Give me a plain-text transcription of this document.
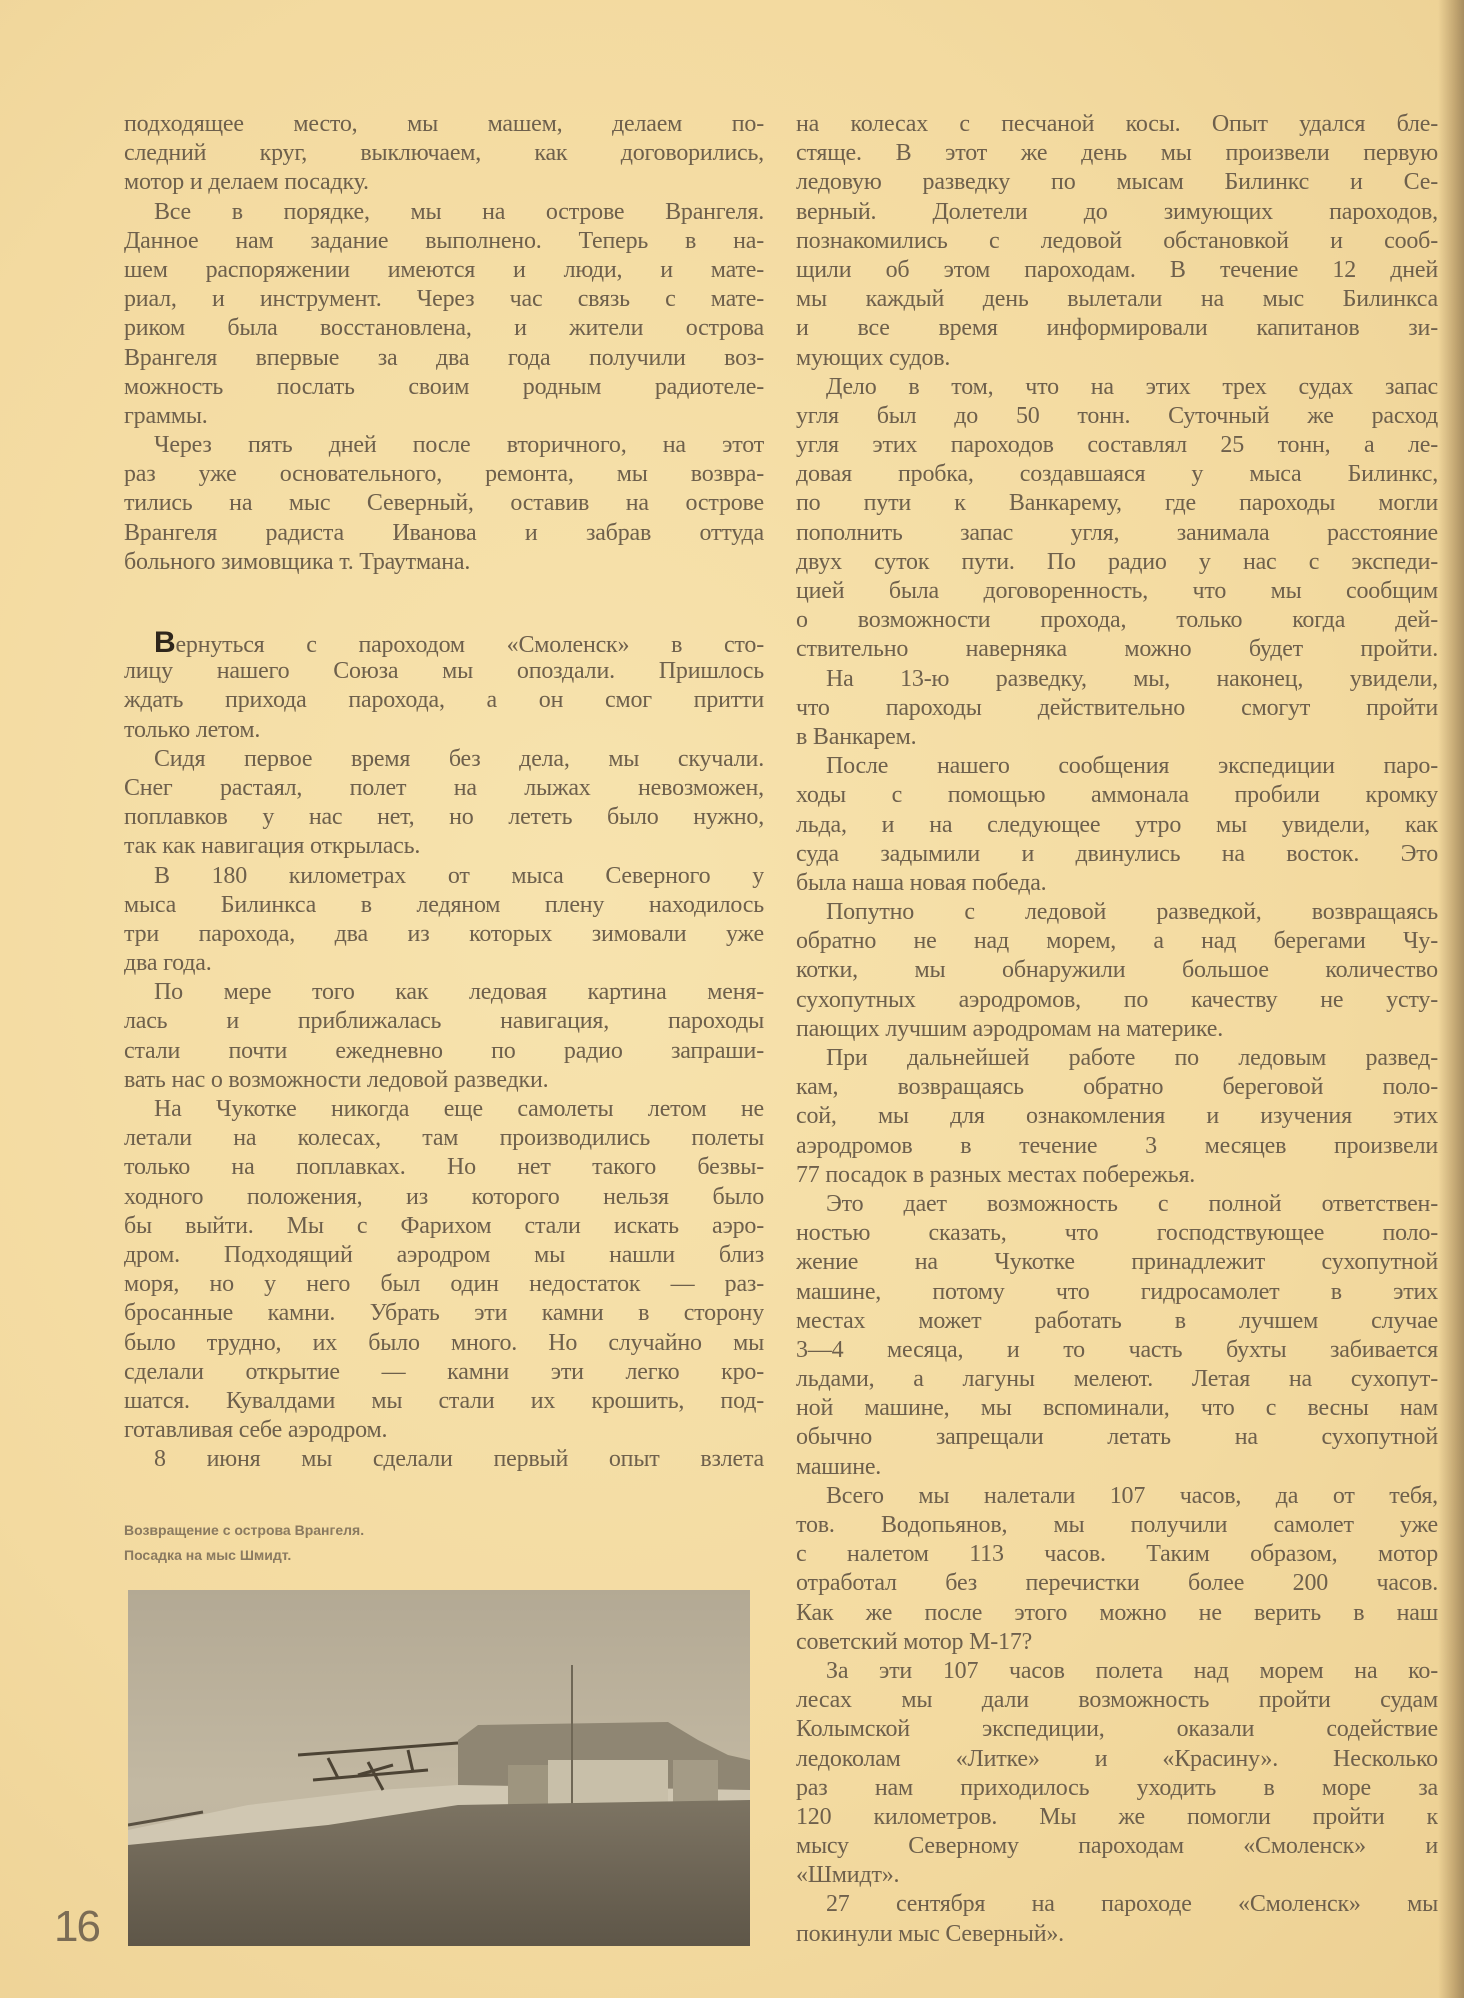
подходящее место, мы машем, делаем по-
следний круг, выключаем, как договорились,
мотор и делаем посадку.
Все в порядке, мы на острове Врангеля.
Данное нам задание выполнено. Теперь в на-
шем распоряжении имеются и люди, и мате-
риал, и инструмент. Через час связь с мате-
риком была восстановлена, и жители острова
Врангеля впервые за два года получили воз-
можность послать своим родным радиотеле-
граммы.
Через пять дней после вторичного, на этот
раз уже основательного, ремонта, мы возвра-
тились на мыс Северный, оставив на острове
Врангеля радиста Иванова и забрав оттуда
больного зимовщика т. Траутмана.
Вернуться с пароходом «Смоленск» в сто-
лицу нашего Союза мы опоздали. Пришлось
ждать прихода парохода, а он смог притти
только летом.
Сидя первое время без дела, мы скучали.
Снег растаял, полет на лыжах невозможен,
поплавков у нас нет, но лететь было нужно,
так как навигация открылась.
В 180 километрах от мыса Северного у
мыса Билинкса в ледяном плену находилось
три парохода, два из которых зимовали уже
два года.
По мере того как ледовая картина меня-
лась и приближалась навигация, пароходы
стали почти ежедневно по радио запраши-
вать нас о возможности ледовой разведки.
На Чукотке никогда еще самолеты летом не
летали на колесах, там производились полеты
только на поплавках. Но нет такого безвы-
ходного положения, из которого нельзя было
бы выйти. Мы с Фарихом стали искать аэро-
дром. Подходящий аэродром мы нашли близ
моря, но у него был один недостаток — раз-
бросанные камни. Убрать эти камни в сторону
было трудно, их было много. Но случайно мы
сделали открытие — камни эти легко кро-
шатся. Кувалдами мы стали их крошить, под-
готавливая себе аэродром.
8 июня мы сделали первый опыт взлета
на колесах с песчаной косы. Опыт удался бле-
стяще. В этот же день мы произвели первую
ледовую разведку по мысам Билинкс и Се-
верный. Долетели до зимующих пароходов,
познакомились с ледовой обстановкой и сооб-
щили об этом пароходам. В течение 12 дней
мы каждый день вылетали на мыс Билинкса
и все время информировали капитанов зи-
мующих судов.
Дело в том, что на этих трех судах запас
угля был до 50 тонн. Суточный же расход
угля этих пароходов составлял 25 тонн, а ле-
довая пробка, создавшаяся у мыса Билинкс,
по пути к Ванкарему, где пароходы могли
пополнить запас угля, занимала расстояние
двух суток пути. По радио у нас с экспеди-
цией была договоренность, что мы сообщим
о возможности прохода, только когда дей-
ствительно наверняка можно будет пройти.
На 13-ю разведку, мы, наконец, увидели,
что пароходы действительно смогут пройти
в Ванкарем.
После нашего сообщения экспедиции паро-
ходы с помощью аммонала пробили кромку
льда, и на следующее утро мы увидели, как
суда задымили и двинулись на восток. Это
была наша новая победа.
Попутно с ледовой разведкой, возвращаясь
обратно не над морем, а над берегами Чу-
котки, мы обнаружили большое количество
сухопутных аэродромов, по качеству не усту-
пающих лучшим аэродромам на материке.
При дальнейшей работе по ледовым развед-
кам, возвращаясь обратно береговой поло-
сой, мы для ознакомления и изучения этих
аэродромов в течение 3 месяцев произвели
77 посадок в разных местах побережья.
Это дает возможность с полной ответствен-
ностью сказать, что господствующее поло-
жение на Чукотке принадлежит сухопутной
машине, потому что гидросамолет в этих
местах может работать в лучшем случае
3—4 месяца, и то часть бухты забивается
льдами, а лагуны мелеют. Летая на сухопут-
ной машине, мы вспоминали, что с весны нам
обычно запрещали летать на сухопутной
машине.
Всего мы налетали 107 часов, да от тебя,
тов. Водопьянов, мы получили самолет уже
с налетом 113 часов. Таким образом, мотор
отработал без перечистки более 200 часов.
Как же после этого можно не верить в наш
советский мотор М-17?
За эти 107 часов полета над морем на ко-
лесах мы дали возможность пройти судам
Колымской экспедиции, оказали содействие
ледоколам «Литке» и «Красину». Несколько
раз нам приходилось уходить в море за
120 километров. Мы же помогли пройти к
мысу Северному пароходам «Смоленск» и
«Шмидт».
27 сентября на пароходе «Смоленск» мы
покинули мыс Северный».
Возвращение с острова Врангеля.
Посадка на мыс Шмидт.
16
